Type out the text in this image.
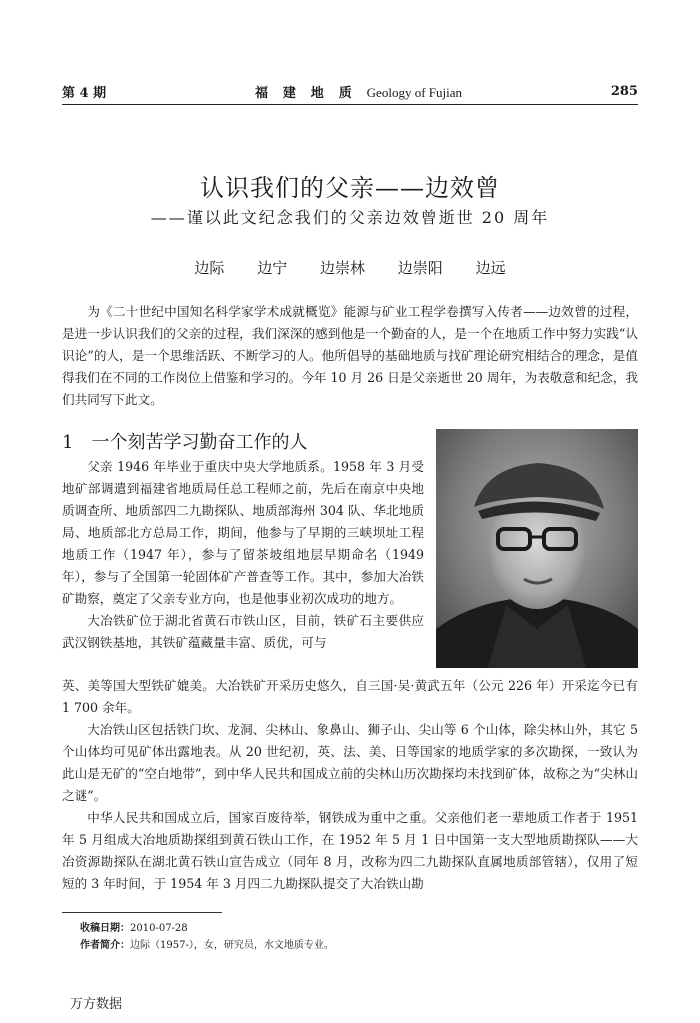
第 4 期	福 建 地 质 Geology of Fujian	285
认识我们的父亲——边效曾
——谨以此文纪念我们的父亲边效曾逝世 20 周年
边际 边宁 边崇林 边崇阳 边远

为《二十世纪中国知名科学家学术成就概览》能源与矿业工程学卷撰写入传者——边效曾的过程，是进一步认识我们的父亲的过程，我们深深的感到他是一个勤奋的人，是一个在地质工作中努力实践“认识论”的人，是一个思维活跃、不断学习的人。他所倡导的基础地质与找矿理论研究相结合的理念，是值得我们在不同的工作岗位上借鉴和学习的。今年 10 月 26 日是父亲逝世 20 周年，为表敬意和纪念，我们共同写下此文。

1 一个刻苦学习勤奋工作的人

父亲 1946 年毕业于重庆中央大学地质系。1958 年 3 月受地矿部调遣到福建省地质局任总工程师之前，先后在南京中央地质调查所、地质部四二九勘探队、地质部海州 304 队、华北地质局、地质部北方总局工作，期间，他参与了早期的三峡坝址工程地质工作（1947 年），参与了留茶坡组地层早期命名（1949 年），参与了全国第一轮固体矿产普查等工作。其中，参加大冶铁矿勘察，奠定了父亲专业方向，也是他事业初次成功的地方。

大冶铁矿位于湖北省黄石市铁山区，目前，铁矿石主要供应武汉钢铁基地，其铁矿蕴藏量丰富、质优，可与

英、美等国大型铁矿媲美。大冶铁矿开采历史悠久，自三国·吴·黄武五年（公元 226 年）开采迄今已有 1 700 余年。

大冶铁山区包括铁门坎、龙洞、尖林山、象鼻山、狮子山、尖山等 6 个山体，除尖林山外，其它 5 个山体均可见矿体出露地表。从 20 世纪初，英、法、美、日等国家的地质学家的多次勘探，一致认为此山是无矿的“空白地带”，到中华人民共和国成立前的尖林山历次勘探均未找到矿体，故称之为“尖林山之谜”。

中华人民共和国成立后，国家百废待举，钢铁成为重中之重。父亲他们老一辈地质工作者于 1951 年 5 月组成大冶地质勘探组到黄石铁山工作，在 1952 年 5 月 1 日中国第一支大型地质勘探队——大冶资源勘探队在湖北黄石铁山宣告成立（同年 8 月，改称为四二九勘探队直属地质部管辖），仅用了短短的 3 年时间，于 1954 年 3 月四二九勘探队提交了大冶铁山勘

收稿日期：2010-07-28
作者简介：边际（1957-），女，研究员，水文地质专业。
万方数据
